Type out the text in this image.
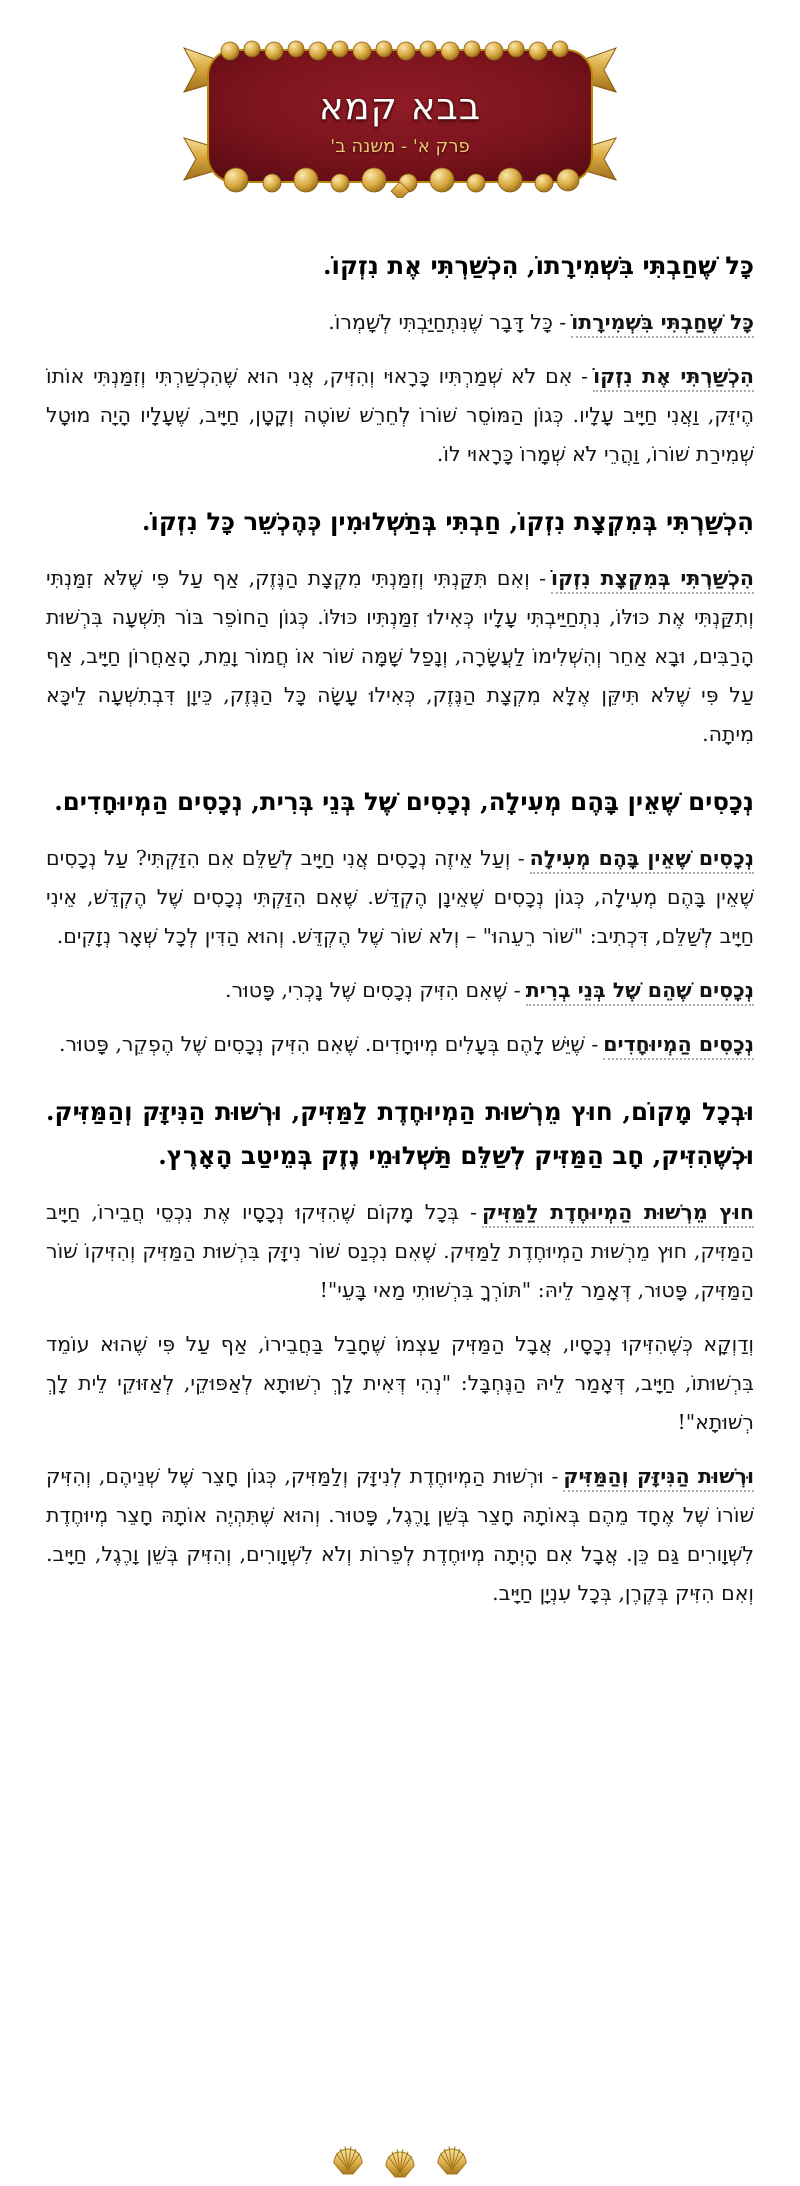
בבא קמא
פרק א' - משנה ב'

כָּל שֶׁחַבְתִּי בִּשְׁמִירָתוֹ, הִכְשַׁרְתִּי אֶת נִזְקוֹ.

כָּל שֶׁחַבְתִּי בִּשְׁמִירָתוֹ- כָּל דָּבָר שֶׁנִּתְחַיַּבְתִּי לְשָׁמְרוֹ.

הִכְשַׁרְתִּי אֶת נִזְקוֹ- אִם לֹא שְׁמַרְתִּיו כָּרָאוּי וְהִזִּיק, אֲנִי הוּא שֶׁהִכְשַׁרְתִּי וְזִמַּנְתִּי אוֹתוֹ הֶיזֵּק, וַאֲנִי חַיָּיב עָלָיו. כְּגוֹן הַמּוֹסֵר שׁוֹרוֹ לְחֵרֵשׁ שׁוֹטֶה וְקָטָן, חַיָּיב, שֶׁעָלָיו הָיָה מוּטָל שְׁמִירַת שׁוֹרוֹ, וַהֲרֵי לֹא שְׁמָרוֹ כָּרָאוּי לוֹ.

הִכְשַׁרְתִּי בְּמִקְצָת נִזְקוֹ, חַבְתִּי בְּתַשְׁלוּמִין כְּהֶכְשֵׁר כָּל נִזְקוֹ.

הִכְשַׁרְתִּי בְּמִקְצָת נִזְקוֹ- וְאִם תִּקַּנְתִּי וְזִמַּנְתִּי מִקְצָת הַנֶּזֶק, אַף עַל פִּי שֶׁלֹּא זִמַּנְתִּי וְתִקַּנְתִּי אֶת כּוּלּוֹ, נִתְחַיַּיבְתִּי עָלָיו כְּאִילוּ זִמַּנְתִּיו כּוּלּוֹ. כְּגוֹן הַחוֹפֵר בּוֹר תִּשְׁעָה בִּרְשׁוּת הָרַבִּים, וּבָא אַחֵר וְהִשְׁלִימוֹ לַעֲשָׂרָה, וְנָפַל שָׁמָּה שׁוֹר אוֹ חֲמוֹר וָמֵת, הָאַחֲרוֹן חַיָּיב, אַף עַל פִּי שֶׁלֹּא תִּיקֵּן אֶלָּא מִקְצָת הַנֶּזֶק, כְּאִילוּ עָשָׂה כָּל הַנֶּזֶק, כֵּיוָן דִּבְתִשְׁעָה לֵיכָּא מִיתָה.

נְכָסִים שֶׁאֵין בָּהֶם מְעִילָה, נְכָסִים שֶׁל בְּנֵי בְּרִית, נְכָסִים הַמְיוּחָדִים.

נְכָסִים שֶׁאֵין בָּהֶם מְעִילָה- וְעַל אֵיזֶה נְכָסִים אֲנִי חַיָּיב לְשַׁלֵּם אִם הִזַּקְתִּי? עַל נְכָסִים שֶׁאֵין בָּהֶם מְעִילָה, כְּגוֹן נְכָסִים שֶׁאֵינָן הֶקְדֵּשׁ. שֶׁאִם הִזַּקְתִּי נְכָסִים שֶׁל הֶקְדֵּשׁ, אֵינִי חַיָּיב לְשַׁלֵּם, דִּכְתִיב: "שׁוֹר רֵעֵהוּ" – וְלֹא שׁוֹר שֶׁל הֶקְדֵּשׁ. וְהוּא הַדִּין לְכָל שְׁאָר נְזָקִים.

נְכָסִים שֶׁהֵם שֶׁל בְּנֵי בְרִית- שֶׁאִם הִזִּיק נְכָסִים שֶׁל נָכְרִי, פָּטוּר.

נְכָסִים הַמְיוּחָדִים- שֶׁיֵּשׁ לָהֶם בְּעָלִים מְיוּחָדִים. שֶׁאִם הִזִּיק נְכָסִים שֶׁל הֶפְקֵר, פָּטוּר.

וּבְכָל מָקוֹם, חוּץ מֵרְשׁוּת הַמְיוּחֶדֶת לַמַּזִּיק, וּרְשׁוּת הַנִּיזָּק וְהַמַּזִּיק. וּכְשֶׁהִזִּיק, חָב הַמַּזִּיק לְשַׁלֵּם תַּשְׁלוּמֵי נֶזֶק בְּמֵיטַב הָאָרֶץ.

חוּץ מֵרְשׁוּת הַמְיוּחֶדֶת לַמַּזִּיק- בְּכָל מָקוֹם שֶׁהִזִּיקוּ נְכָסָיו אֶת נִכְסֵי חֲבֵירוֹ, חַיָּיב הַמַּזִּיק, חוּץ מֵרְשׁוּת הַמְיוּחֶדֶת לַמַּזִּיק. שֶׁאִם נִכְנַס שׁוֹר נִיזָּק בִּרְשׁוּת הַמַּזִּיק וְהִזִּיקוֹ שׁוֹר הַמַּזִּיק, פָּטוּר, דְּאָמַר לֵיהּ: "תּוֹרְךָ בִּרְשׁוּתִי מַאי בָּעֵי"!

וְדַוְקָא כְּשֶׁהִזִּיקוּ נְכָסָיו, אֲבָל הַמַּזִּיק עַצְמוֹ שֶׁחָבַל בַּחֲבֵירוֹ, אַף עַל פִּי שֶׁהוּא עוֹמֵד בִּרְשׁוּתוֹ, חַיָּיב, דְּאָמַר לֵיהּ הַנֶּחְבָּל: "נְהִי דְּאִית לָךְ רְשׁוּתָא לְאַפּוּקֵי, לְאַזּוּקֵי לֵית לָךְ רְשׁוּתָא"!

וּרְשׁוּת הַנִּיזָּק וְהַמַּזִּיק- וּרְשׁוּת הַמְיוּחֶדֶת לְנִיזָּק וְלַמַּזִּיק, כְּגוֹן חָצֵר שֶׁל שְׁנֵיהֶם, וְהִזִּיק שׁוֹרוֹ שֶׁל אֶחָד מֵהֶם בְּאוֹתָהּ חָצֵר בְּשֵׁן וָרֶגֶל, פָּטוּר. וְהוּא שֶׁתִּהְיֶה אוֹתָהּ חָצֵר מְיוּחֶדֶת לִשְׁוָורִים גַּם כֵּן. אֲבָל אִם הָיְתָה מְיוּחֶדֶת לְפֵרוֹת וְלֹא לִשְׁוָורִים, וְהִזִּיק בְּשֵׁן וָרֶגֶל, חַיָּיב. וְאִם הִזִּיק בְּקֶרֶן, בְּכָל עִנְיָן חַיָּיב.
